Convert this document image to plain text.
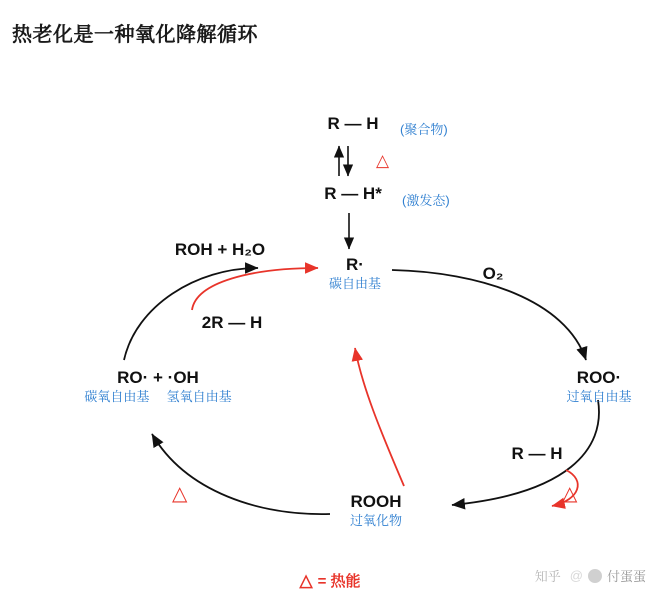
热老化是一种氧化降解循环
R — H	(聚合物)
△
R — H*	(激发态)
R·
碳自由基
ROH + H₂O
2R — H
O₂
RO· + ·OH
碳氧自由基 氢氧自由基
ROO·
过氧自由基
R — H
ROOH
过氧化物
△	△
△ = 热能	知乎 @ 付蛋蛋
